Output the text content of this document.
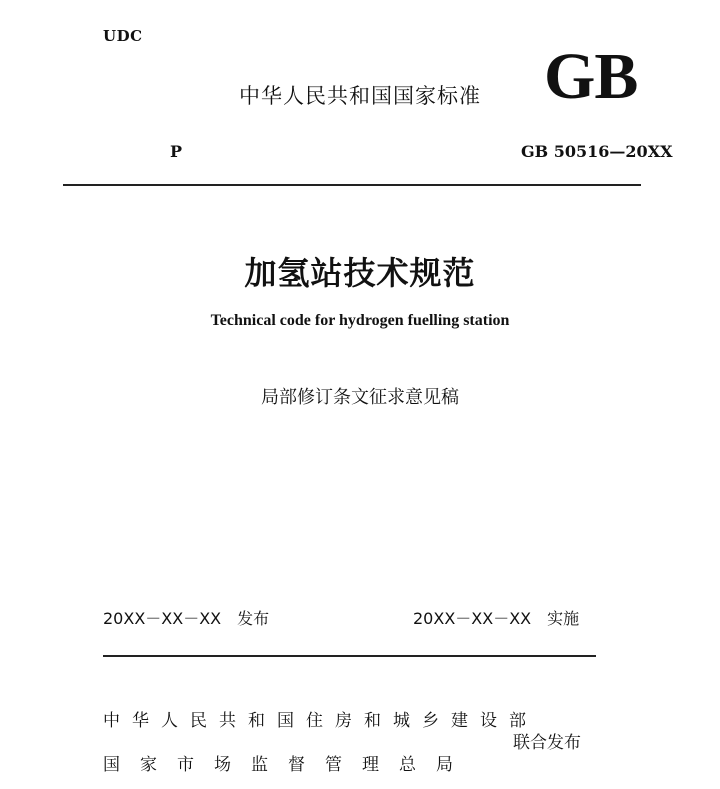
UDC
中华人民共和国国家标准 GB
P	GB 50516—20XX
加氢站技术规范
Technical code for hydrogen fuelling station
局部修订条文征求意见稿
20XX－XX－XX 发布	20XX－XX－XX 实施
中华人民共和国住房和城乡建设部
国家市场监督管理总局
联合发布
